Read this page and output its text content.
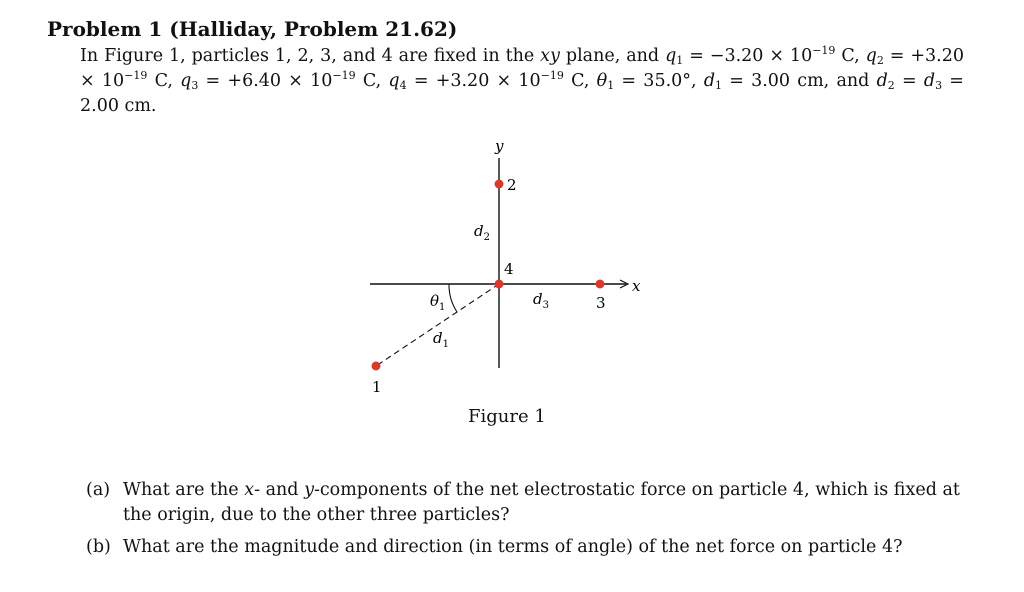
Problem 1 (Halliday, Problem 21.62)
In Figure 1, particles 1, 2, 3, and 4 are fixed in the xy plane, and $q_1 = -3.20 \times 10^{-19}$ C, $q_2 = +3.20 \times 10^{-19}$ C, $q_3 = +6.40 \times 10^{-19}$ C, $q_4 = +3.20 \times 10^{-19}$ C, $\theta_1 = 35.0^\circ$, $d_1 = 3.00$ cm, and $d_2 = d_3 = 2.00$ cm.
y
x
2
4
3
1
$d_2$
$d_3$
$d_1$
$\theta_1$
Figure 1
(a) What are the x- and y-components of the net electrostatic force on particle 4, which is fixed at the origin, due to the other three particles?
(b) What are the magnitude and direction (in terms of angle) of the net force on particle 4?
